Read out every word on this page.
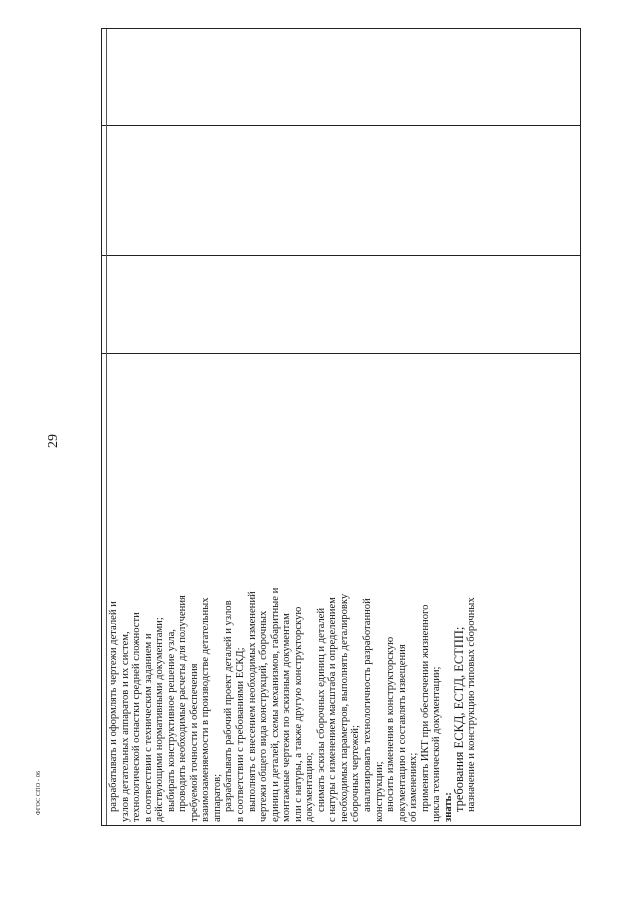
29
разрабатывать и оформлять чертежи деталей и узлов детательных аппаратов и их систем, технологической оснастки средней сложности в соответствии с техническим заданием и действующими нормативными документами; выбирать конструктивное решение узла, проводить необходимые расчеты для получения требуемой точности и обеспечения взаимозаменяемости в производстве детательных аппаратов; разрабатывать рабочий проект деталей и узлов в соответствии с требованиями ЕСКД; выполнять с внесением необходимых изменений чертежи общего вида конструкций, сборочных единиц и деталей, схемы механизмов, габаритные и монтажные чертежи по эскизным документам или с натуры, а также другую конструкторскую документацию; снимать эскизы сборочных единиц и деталей с натуры с изменением масштаба и определением необходимых параметров, выполнять деталировку сборочных чертежей; анализировать технологичность разработанной конструкции; вносить изменения в конструкторскую документацию и составлять извещения об изменениях; применять ИКТ при обеспечении жизненного цикла технической документации; знать:
требования ЕСКД, ЕСТД, ЕСТПП; назначение и конструкцию типовых сборочных
ФГОС СПО - 06
